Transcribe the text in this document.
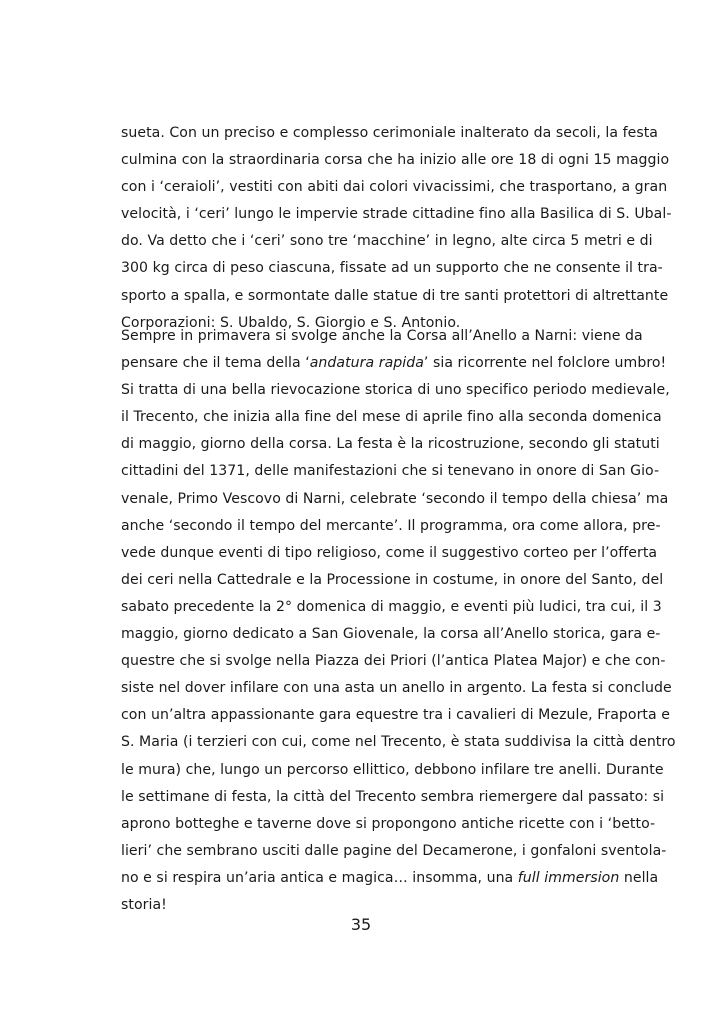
sueta. Con un preciso e complesso cerimoniale inalterato da secoli, la festa
culmina con la straordinaria corsa che ha inizio alle ore 18 di ogni 15 maggio
con i ‘ceraioli’, vestiti con abiti dai colori vivacissimi, che trasportano, a gran
velocità, i ‘ceri’ lungo le impervie strade cittadine fino alla Basilica di S. Ubal-
do. Va detto che i ‘ceri’ sono tre ‘macchine’ in legno, alte circa 5 metri e di
300 kg circa di peso ciascuna, fissate ad un supporto che ne consente il tra-
sporto a spalla, e sormontate dalle statue di tre santi protettori di altrettante
Corporazioni: S. Ubaldo, S. Giorgio e S. Antonio.
Sempre in primavera si svolge anche la Corsa all’Anello a Narni: viene da
pensare che il tema della ‘andatura rapida’ sia ricorrente nel folclore umbro!
Si tratta di una bella rievocazione storica di uno specifico periodo medievale,
il Trecento, che inizia alla fine del mese di aprile fino alla seconda domenica
di maggio, giorno della corsa. La festa è la ricostruzione, secondo gli statuti
cittadini del 1371, delle manifestazioni che si tenevano in onore di San Gio-
venale, Primo Vescovo di Narni, celebrate ‘secondo il tempo della chiesa’ ma
anche ‘secondo il tempo del mercante’. Il programma, ora come allora, pre-
vede dunque eventi di tipo religioso, come il suggestivo corteo per l’offerta
dei ceri nella Cattedrale e la Processione in costume, in onore del Santo, del
sabato precedente la 2° domenica di maggio, e eventi più ludici, tra cui, il 3
maggio, giorno dedicato a San Giovenale, la corsa all’Anello storica, gara e-
questre che si svolge nella Piazza dei Priori (l’antica Platea Major) e che con-
siste nel dover infilare con una asta un anello in argento. La festa si conclude
con un’altra appassionante gara equestre tra i cavalieri di Mezule, Fraporta e
S. Maria (i terzieri con cui, come nel Trecento, è stata suddivisa la città dentro
le mura) che, lungo un percorso ellittico, debbono infilare tre anelli. Durante
le settimane di festa, la città del Trecento sembra riemergere dal passato: si
aprono botteghe e taverne dove si propongono antiche ricette con i ‘betto-
lieri’ che sembrano usciti dalle pagine del Decamerone, i gonfaloni sventola-
no e si respira un’aria antica e magica… insomma, una full immersion nella
storia!
35
